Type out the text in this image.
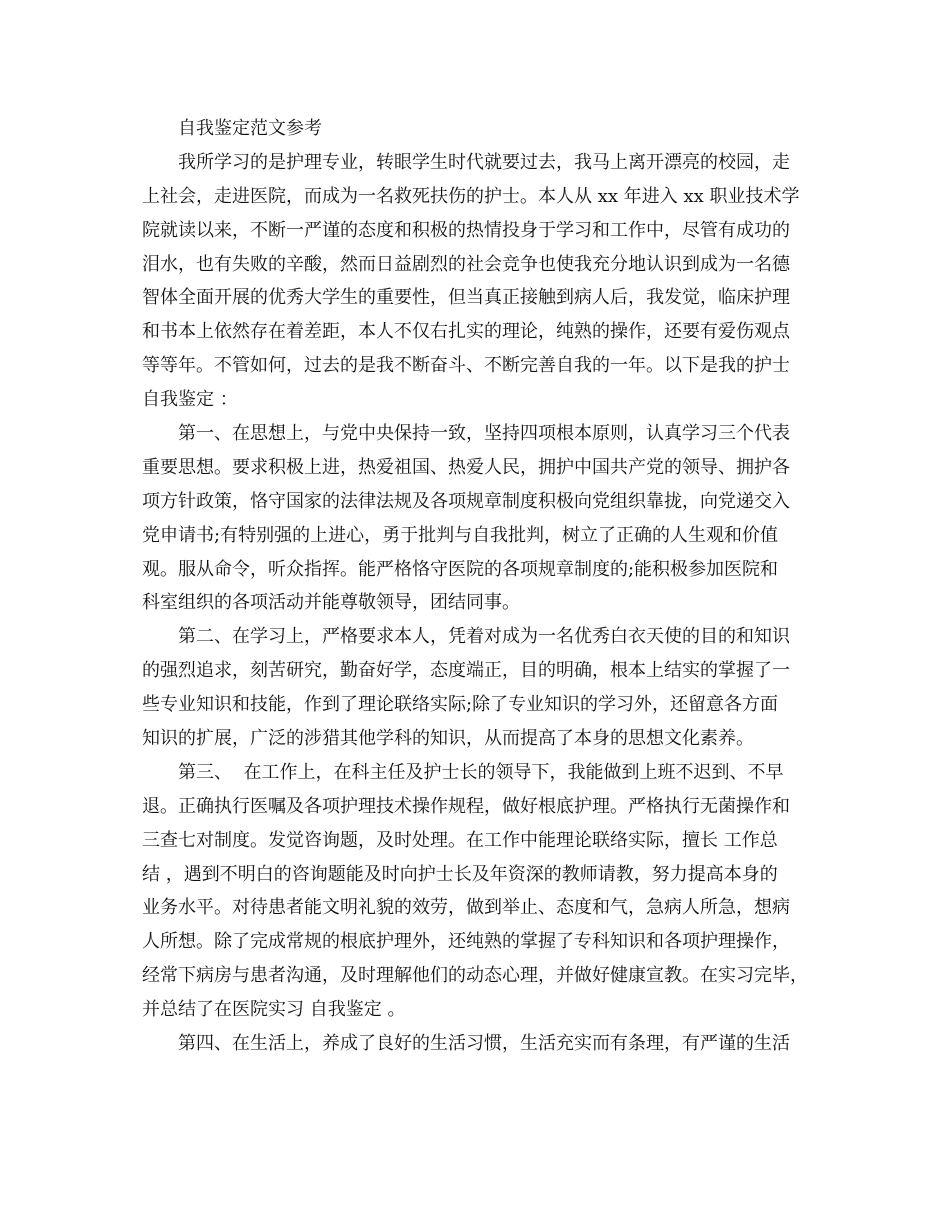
自我鉴定范文参考
我所学习的是护理专业，转眼学生时代就要过去，我马上离开漂亮的校园，走
上社会，走进医院，而成为一名救死扶伤的护士。本人从 xx 年进入 xx 职业技术学
院就读以来，不断一严谨的态度和积极的热情投身于学习和工作中，尽管有成功的
泪水，也有失败的辛酸，然而日益剧烈的社会竞争也使我充分地认识到成为一名德
智体全面开展的优秀大学生的重要性，但当真正接触到病人后，我发觉，临床护理
和书本上依然存在着差距，本人不仅右扎实的理论，纯熟的操作，还要有爱伤观点
等等年。不管如何，过去的是我不断奋斗、不断完善自我的一年。以下是我的护士
自我鉴定 ：
第一、在思想上，与党中央保持一致，坚持四项根本原则，认真学习三个代表
重要思想。要求积极上进，热爱祖国、热爱人民，拥护中国共产党的领导、拥护各
项方针政策，恪守国家的法律法规及各项规章制度积极向党组织靠拢，向党递交入
党申请书;有特别强的上进心，勇于批判与自我批判，树立了正确的人生观和价值
观。服从命令，听众指挥。能严格恪守医院的各项规章制度的;能积极参加医院和
科室组织的各项活动并能尊敬领导，团结同事。
第二、在学习上，严格要求本人，凭着对成为一名优秀白衣天使的目的和知识
的强烈追求，刻苦研究，勤奋好学，态度端正，目的明确，根本上结实的掌握了一
些专业知识和技能，作到了理论联络实际;除了专业知识的学习外，还留意各方面
知识的扩展，广泛的涉猎其他学科的知识，从而提高了本身的思想文化素养。
第三、  在工作上，在科主任及护士长的领导下，我能做到上班不迟到、不早
退。正确执行医嘱及各项护理技术操作规程，做好根底护理。严格执行无菌操作和
三查七对制度。发觉咨询题，及时处理。在工作中能理论联络实际，擅长 工作总
结 ，遇到不明白的咨询题能及时向护士长及年资深的教师请教，努力提高本身的
业务水平。对待患者能文明礼貌的效劳，做到举止、态度和气，急病人所急，想病
人所想。除了完成常规的根底护理外，还纯熟的掌握了专科知识和各项护理操作，
经常下病房与患者沟通，及时理解他们的动态心理，并做好健康宣教。在实习完毕，
并总结了在医院实习 自我鉴定 。
第四、在生活上，养成了良好的生活习惯，生活充实而有条理，有严谨的生活
